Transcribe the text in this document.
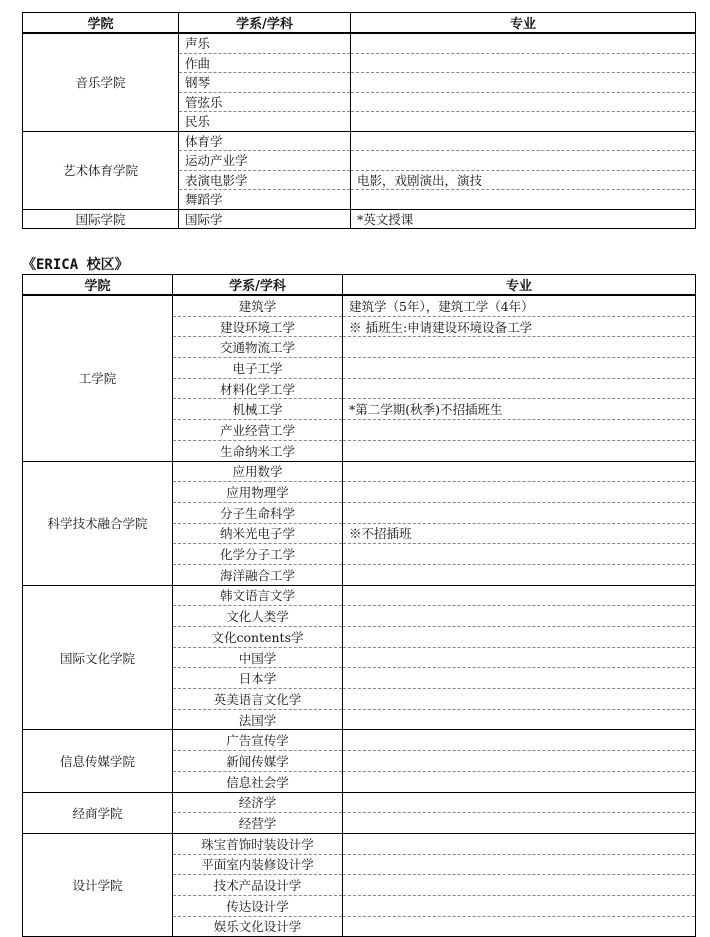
学院	学系/学科	专业
音乐学院	声乐	
	作曲	
	钢琴	
	管弦乐	
	民乐	
艺术体育学院	体育学	
	运动产业学	
	表演电影学	电影，戏剧演出，演技
	舞蹈学	
国际学院	国际学	*英文授课
《ERICA 校区》
学院	学系/学科	专业
工学院	建筑学	建筑学（5年），建筑工学（4年）
	建设环境工学	※ 插班生:申请建设环境设备工学
	交通物流工学	
	电子工学	
	材料化学工学	
	机械工学	*第二学期(秋季)不招插班生
	产业经营工学	
	生命纳米工学	
科学技术融合学院	应用数学	
	应用物理学	
	分子生命科学	
	纳米光电子学	※不招插班
	化学分子工学	
	海洋融合工学	
国际文化学院	韩文语言文学	
	文化人类学	
	文化contents学	
	中国学	
	日本学	
	英美语言文化学	
	法国学	
信息传媒学院	广告宣传学	
	新闻传媒学	
	信息社会学	
经商学院	经济学	
	经营学	
设计学院	珠宝首饰时装设计学	
	平面室内装修设计学	
	技术产品设计学	
	传达设计学	
	娱乐文化设计学	
